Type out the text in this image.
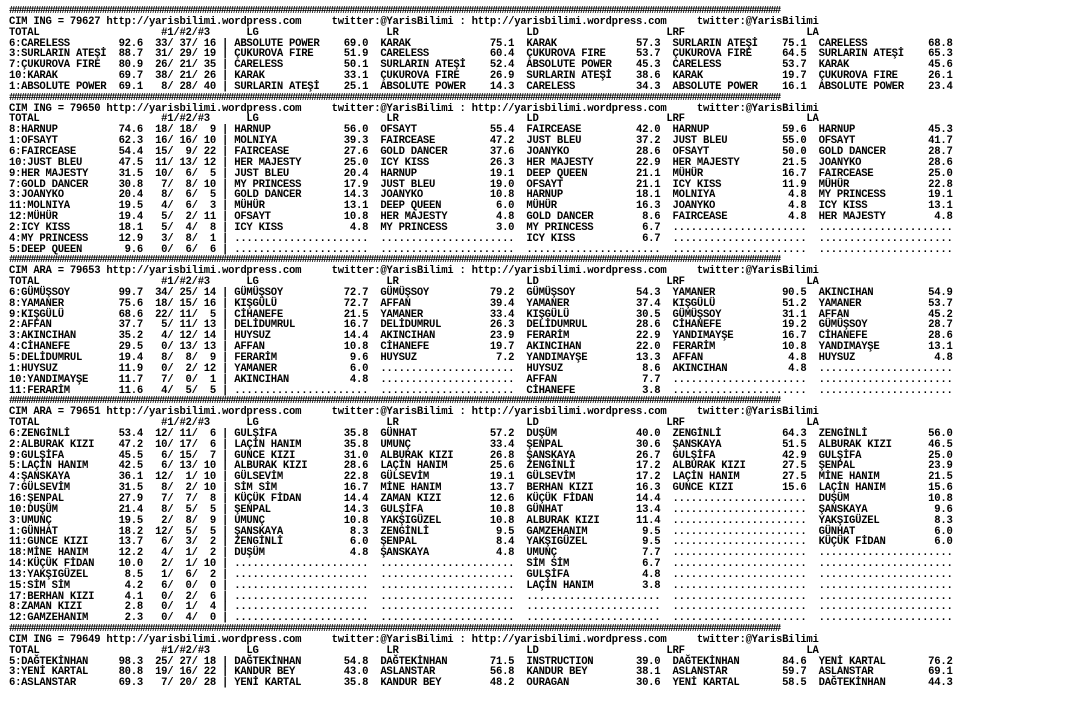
##################################################################################################################################################################
CIM ING = 79627 http://yarisbilimi.wordpress.com     twitter:@YarisBilimi : http://yarisbilimi.wordpress.com     twitter:@YarisBilimi
TOTAL                    #1/#2/#3      LG                     LR                     LD                     LRF                    LA
6:CARELESS        92.6  33/ 37/ 16 | ABSOLUTE POWER    69.0  KARAK             75.1  KARAK             57.3  SURLARIN ATEŞİ    75.1  CARELESS          68.8
3:SURLARIN ATEŞİ  88.7  31/ 29/ 19 | ÇUKUROVA FIRE     51.9  CARELESS          60.4  ÇUKUROVA FIRE     53.7  ÇUKUROVA FIRE     64.5  SURLARIN ATEŞİ    65.3
7:ÇUKUROVA FIRE   80.9  26/ 21/ 35 | CARELESS          50.1  SURLARIN ATEŞİ    52.4  ABSOLUTE POWER    45.3  CARELESS          53.7  KARAK             45.6
10:KARAK          69.7  38/ 21/ 26 | KARAK             33.1  ÇUKUROVA FIRE     26.9  SURLARIN ATEŞİ    38.6  KARAK             19.7  ÇUKUROVA FIRE     26.1
1:ABSOLUTE POWER  69.1   8/ 28/ 40 | SURLARIN ATEŞİ    25.1  ABSOLUTE POWER    14.3  CARELESS          34.3  ABSOLUTE POWER    16.1  ABSOLUTE POWER    23.4
##################################################################################################################################################################
CIM ING = 79650 http://yarisbilimi.wordpress.com     twitter:@YarisBilimi : http://yarisbilimi.wordpress.com     twitter:@YarisBilimi
TOTAL                    #1/#2/#3      LG                     LR                     LD                     LRF                    LA
8:HARNUP          74.6  18/ 18/  9 | HARNUP            56.0  OFSAYT            55.4  FAIRCEASE         42.0  HARNUP            59.6  HARNUP            45.3
1:OFSAYT          62.3  16/ 16/ 10 | MOLNIYA           39.3  FAIRCEASE         47.2  JUST BLEU         37.2  JUST BLEU         55.0  OFSAYT            41.7
6:FAIRCEASE       54.4  15/  9/ 22 | FAIRCEASE         27.6  GOLD DANCER       37.6  JOANYKO           28.6  OFSAYT            50.0  GOLD DANCER       28.7
10:JUST BLEU      47.5  11/ 13/ 12 | HER MAJESTY       25.0  ICY KISS          26.3  HER MAJESTY       22.9  HER MAJESTY       21.5  JOANYKO           28.6
9:HER MAJESTY     31.5  10/  6/  5 | JUST BLEU         20.4  HARNUP            19.1  DEEP QUEEN        21.1  MÜHÜR             16.7  FAIRCEASE         25.0
7:GOLD DANCER     30.8   7/  8/ 10 | MY PRINCESS       17.9  JUST BLEU         19.0  OFSAYT            21.1  ICY KISS          11.9  MÜHÜR             22.8
3:JOANYKO         20.4   8/  6/  5 | GOLD DANCER       14.3  JOANYKO           10.8  HARNUP            18.1  MOLNIYA            4.8  MY PRINCESS       19.1
11:MOLNIYA        19.5   4/  6/  3 | MÜHÜR             13.1  DEEP QUEEN         6.0  MÜHÜR             16.3  JOANYKO            4.8  ICY KISS          13.1
12:MÜHÜR          19.4   5/  2/ 11 | OFSAYT            10.8  HER MAJESTY        4.8  GOLD DANCER        8.6  FAIRCEASE          4.8  HER MAJESTY        4.8
2:ICY KISS        18.1   5/  4/  8 | ICY KISS           4.8  MY PRINCESS        3.0  MY PRINCESS        6.7  ......................  ......................
4:MY PRINCESS     12.9   3/  8/  1 | ......................  ......................  ICY KISS           6.7  ......................  ......................
5:DEEP QUEEN       9.6   0/  6/  6 | ......................  ......................  ......................  ......................  ......................
##################################################################################################################################################################
CIM ARA = 79653 http://yarisbilimi.wordpress.com     twitter:@YarisBilimi : http://yarisbilimi.wordpress.com     twitter:@YarisBilimi
TOTAL                    #1/#2/#3      LG                     LR                     LD                     LRF                    LA
6:GÜMÜŞSOY        99.7  34/ 25/ 14 | GÜMÜŞSOY          72.7  GÜMÜŞSOY          79.2  GÜMÜŞSOY          54.3  YAMANER           90.5  AKINCIHAN         54.9
8:YAMANER         75.6  18/ 15/ 16 | KIŞGÜLÜ           72.7  AFFAN             39.4  YAMANER           37.4  KIŞGÜLÜ           51.2  YAMANER           53.7
9:KIŞGÜLÜ         68.6  22/ 11/  5 | CİHANEFE          21.5  YAMANER           33.4  KIŞGÜLÜ           30.5  GÜMÜŞSOY          31.1  AFFAN             45.2
2:AFFAN           37.7   5/ 11/ 13 | DELİDUMRUL        16.7  DELİDUMRUL        26.3  DELİDUMRUL        28.6  CİHANEFE          19.2  GÜMÜŞSOY          28.7
3:AKINCIHAN       35.2   4/ 12/ 14 | HUYSUZ            14.4  AKINCIHAN         23.9  FERARİM           22.9  YANDIMAYŞE        16.7  CİHANEFE          28.6
4:CİHANEFE        29.5   0/ 13/ 13 | AFFAN             10.8  CİHANEFE          19.7  AKINCIHAN         22.0  FERARİM           10.8  YANDIMAYŞE        13.1
5:DELİDUMRUL      19.4   8/  8/  9 | FERARİM            9.6  HUYSUZ             7.2  YANDIMAYŞE        13.3  AFFAN              4.8  HUYSUZ             4.8
1:HUYSUZ          11.9   0/  2/ 12 | YAMANER            6.0  ......................  HUYSUZ             8.6  AKINCIHAN          4.8  ......................
10:YANDIMAYŞE     11.7   7/  0/  1 | AKINCIHAN          4.8  ......................  AFFAN              7.7  ......................  ......................
11:FERARİM        11.6   4/  5/  5 | ......................  ......................  CİHANEFE           3.8  ......................  ......................
##################################################################################################################################################################
CIM ARA = 79651 http://yarisbilimi.wordpress.com     twitter:@YarisBilimi : http://yarisbilimi.wordpress.com     twitter:@YarisBilimi
TOTAL                    #1/#2/#3      LG                     LR                     LD                     LRF                    LA
6:ZENGİNLİ        53.4  12/ 11/  6 | GULŞİFA           35.8  GÜNHAT            57.2  DUŞÜM             40.0  ZENGİNLİ          64.3  ZENGİNLİ          56.0
2:ALBURAK KIZI    47.2  10/ 17/  6 | LAÇİN HANIM       35.8  UMUNÇ             33.4  ŞENPAL            30.6  ŞANSKAYA          51.5  ALBURAK KIZI      46.5
9:GULŞİFA         45.5   6/ 15/  7 | GUNCE KIZI        31.0  ALBURAK KIZI      26.8  ŞANSKAYA          26.7  GULŞİFA           42.9  GULŞİFA           25.0
5:LAÇİN HANIM     42.5   6/ 13/ 10 | ALBURAK KIZI      28.6  LAÇİN HANIM       25.6  ZENGİNLİ          17.2  ALBURAK KIZI      27.5  ŞENPAL            23.9
4:ŞANSKAYA        36.1  12/  1/ 10 | GÜLSEVİM          22.8  GÜLSEVİM          19.1  GÜLSEVİM          17.2  LAÇİN HANIM       27.5  MİNE HANIM        21.5
7:GÜLSEVİM        31.5   8/  2/ 10 | SİM SİM           16.7  MİNE HANIM        13.7  BERHAN KIZI       16.3  GUNCE KIZI        15.6  LAÇİN HANIM       15.6
16:ŞENPAL         27.9   7/  7/  8 | KÜÇÜK FİDAN       14.4  ZAMAN KIZI        12.6  KÜÇÜK FİDAN       14.4  ......................  DUŞÜM             10.8
10:DUŞÜM          21.4   8/  5/  5 | ŞENPAL            14.3  GULŞİFA           10.8  GÜNHAT            13.4  ......................  ŞANSKAYA           9.6
3:UMUNÇ           19.5   2/  8/  9 | UMUNÇ             10.8  YAKŞIGÜZEL        10.8  ALBURAK KIZI      11.4  ......................  YAKŞIGÜZEL         8.3
1:GÜNHAT          18.2  12/  5/  5 | ŞANSKAYA           8.3  ZENGİNLİ           9.5  GAMZEHANIM         9.5  ......................  GÜNHAT             6.0
11:GUNCE KIZI     13.7   6/  3/  2 | ZENGİNLİ           6.0  ŞENPAL             8.4  YAKŞIGÜZEL         9.5  ......................  KÜÇÜK FİDAN        6.0
18:MİNE HANIM     12.2   4/  1/  2 | DUŞÜM              4.8  ŞANSKAYA           4.8  UMUNÇ              7.7  ......................  ......................
14:KÜÇÜK FİDAN    10.0   2/  1/ 10 | ......................  ......................  SİM SİM            6.7  ......................  ......................
13:YAKŞIGÜZEL      8.5   1/  6/  2 | ......................  ......................  GULŞİFA            4.8  ......................  ......................
15:SİM SİM         4.2   6/  0/  0 | ......................  ......................  LAÇİN HANIM        3.8  ......................  ......................
17:BERHAN KIZI     4.1   0/  2/  6 | ......................  ......................  ......................  ......................  ......................
8:ZAMAN KIZI       2.8   0/  1/  4 | ......................  ......................  ......................  ......................  ......................
12:GAMZEHANIM      2.3   0/  4/  0 | ......................  ......................  ......................  ......................  ......................
##################################################################################################################################################################
CIM ING = 79649 http://yarisbilimi.wordpress.com     twitter:@YarisBilimi : http://yarisbilimi.wordpress.com     twitter:@YarisBilimi
TOTAL                    #1/#2/#3      LG                     LR                     LD                     LRF                    LA
5:DAĞTEKİNHAN     98.3  25/ 27/ 18 | DAĞTEKİNHAN       54.8  DAĞTEKİNHAN       71.5  INSTRUCTION       39.0  DAĞTEKİNHAN       84.6  YENİ KARTAL       76.2
3:YENİ KARTAL     80.8  19/ 16/ 22 | KANDUR BEY        43.0  ASLANSTAR         56.8  KANDUR BEY        38.1  ASLANSTAR         59.7  ASLANSTAR         69.1
6:ASLANSTAR       69.3   7/ 20/ 28 | YENİ KARTAL       35.8  KANDUR BEY        48.2  OURAGAN           30.6  YENİ KARTAL       58.5  DAĞTEKİNHAN       44.3
